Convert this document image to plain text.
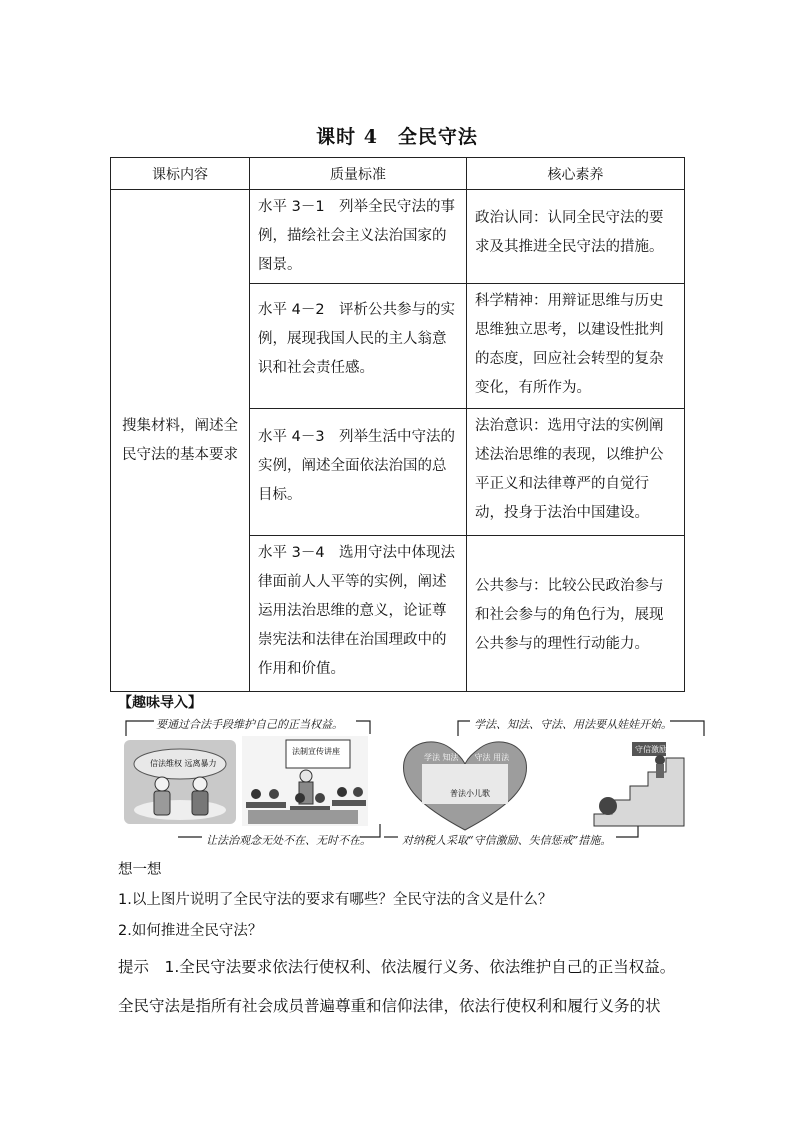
课时 4　全民守法
课标内容	质量标准	核心素养
搜集材料，阐述全民守法的基本要求	水平 3－1　列举全民守法的事例，描绘社会主义法治国家的图景。	政治认同：认同全民守法的要求及其推进全民守法的措施。
	水平 4－2　评析公共参与的实例，展现我国人民的主人翁意识和社会责任感。	科学精神：用辩证思维与历史思维独立思考，以建设性批判的态度，回应社会转型的复杂变化，有所作为。
	水平 4－3　列举生活中守法的实例，阐述全面依法治国的总目标。	法治意识：选用守法的实例阐述法治思维的表现，以维护公平正义和法律尊严的自觉行动，投身于法治中国建设。
	水平 3－4　选用守法中体现法律面前人人平等的实例，阐述运用法治思维的意义，论证尊崇宪法和法律在治国理政中的作用和价值。	公共参与：比较公民政治参与和社会参与的角色行为，展现公共参与的理性行动能力。
【趣味导入】
要通过合法手段维护自己的正当权益。
让法治观念无处不在、无时不在。
学法、知法、守法、用法要从娃娃开始。
对纳税人采取“守信激励、失信惩戒”措施。
信法维权 远离暴力
法制宣传讲座
学法 知法　　守法 用法
普法小儿歌
守信激励
想一想
1.以上图片说明了全民守法的要求有哪些？全民守法的含义是什么？
2.如何推进全民守法？
提示　1.全民守法要求依法行使权利、依法履行义务、依法维护自己的正当权益。
全民守法是指所有社会成员普遍尊重和信仰法律，依法行使权利和履行义务的状
